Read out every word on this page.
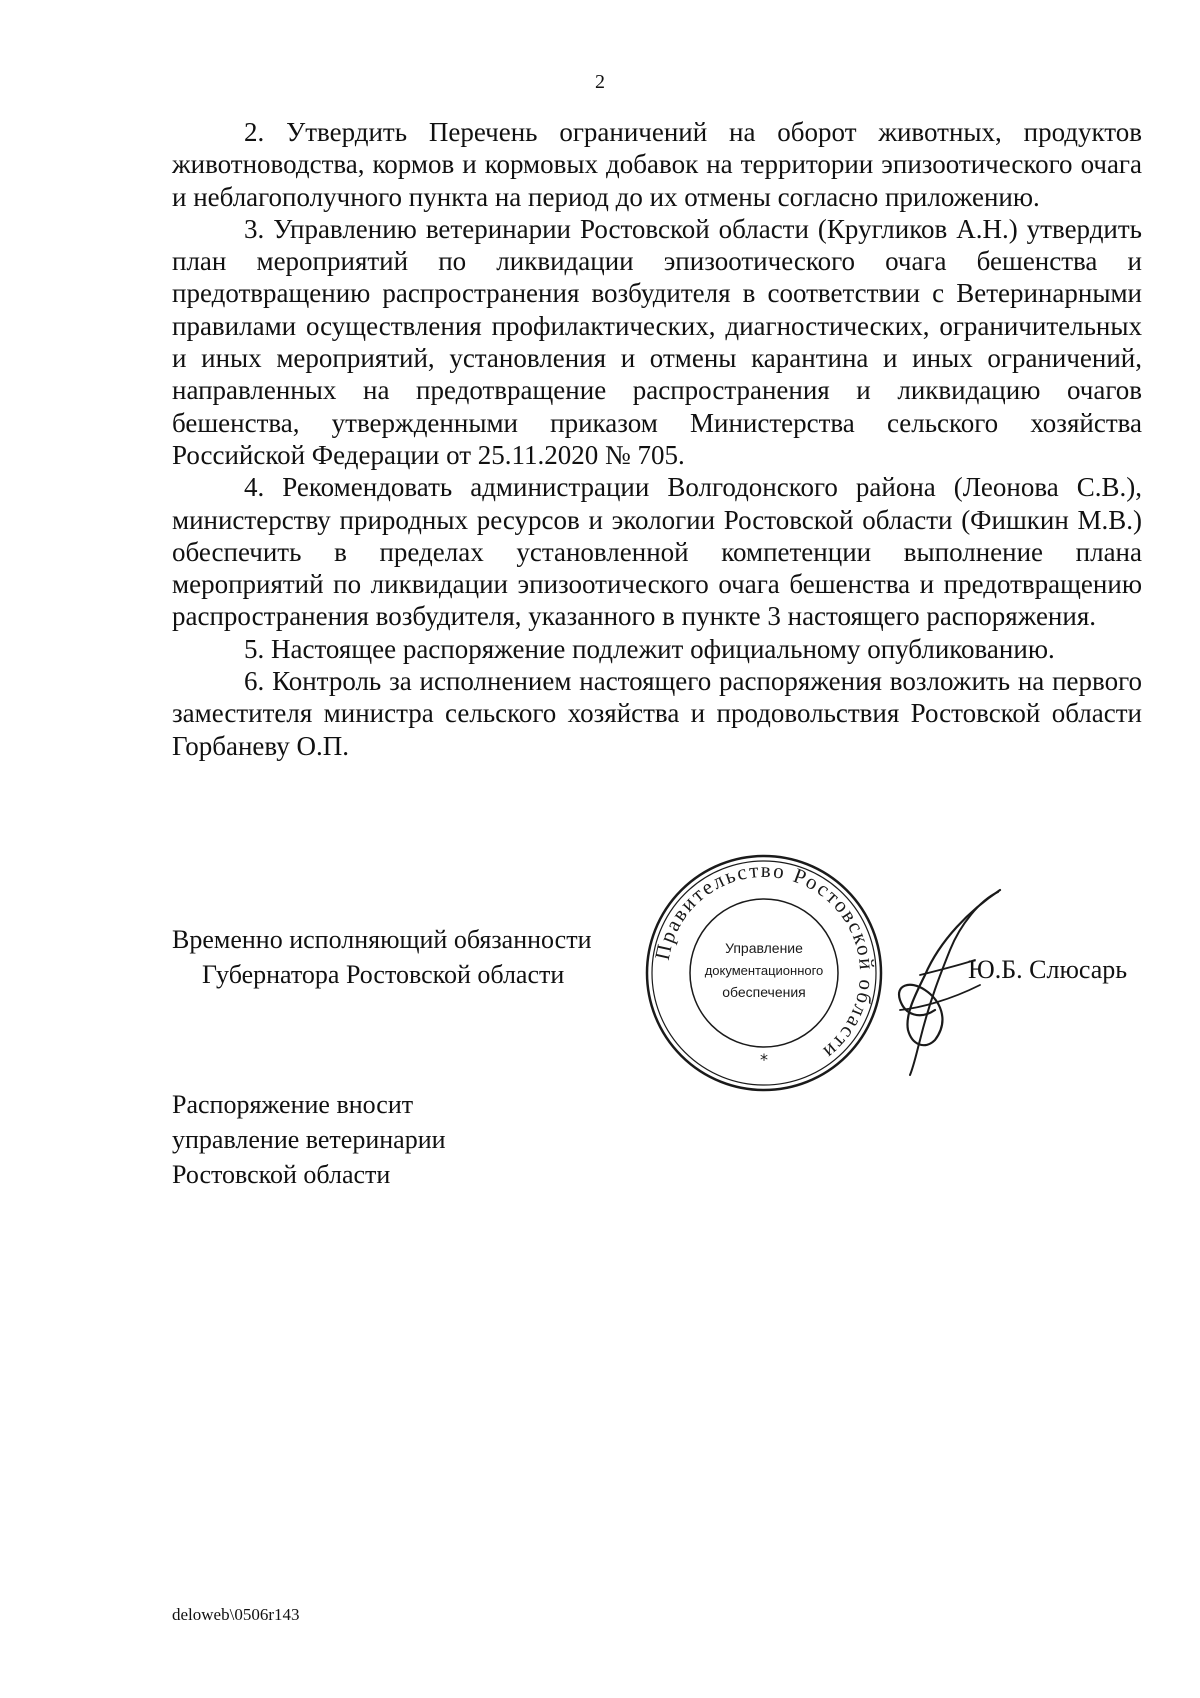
2

2. Утвердить Перечень ограничений на оборот животных, продуктов животноводства, кормов и кормовых добавок на территории эпизоотического очага и неблагополучного пункта на период до их отмены согласно приложению.

3. Управлению ветеринарии Ростовской области (Кругликов А.Н.) утвердить план мероприятий по ликвидации эпизоотического очага бешенства и предотвращению распространения возбудителя в соответствии с Ветеринарными правилами осуществления профилактических, диагностических, ограничительных и иных мероприятий, установления и отмены карантина и иных ограничений, направленных на предотвращение распространения и ликвидацию очагов бешенства, утвержденными приказом Министерства сельского хозяйства Российской Федерации от 25.11.2020 № 705.

4. Рекомендовать администрации Волгодонского района (Леонова С.В.), министерству природных ресурсов и экологии Ростовской области (Фишкин М.В.) обеспечить в пределах установленной компетенции выполнение плана мероприятий по ликвидации эпизоотического очага бешенства и предотвращению распространения возбудителя, указанного в пункте 3 настоящего распоряжения.

5. Настоящее распоряжение подлежит официальному опубликованию.

6. Контроль за исполнением настоящего распоряжения возложить на первого заместителя министра сельского хозяйства и продовольствия Ростовской области Горбаневу О.П.

Временно исполняющий обязанности
Губернатора Ростовской области
Правительство Ростовской области
Управление
документационного
обеспечения
*
Ю.Б. Слюсарь
Распоряжение вносит
управление ветеринарии
Ростовской области
deloweb\0506r143
